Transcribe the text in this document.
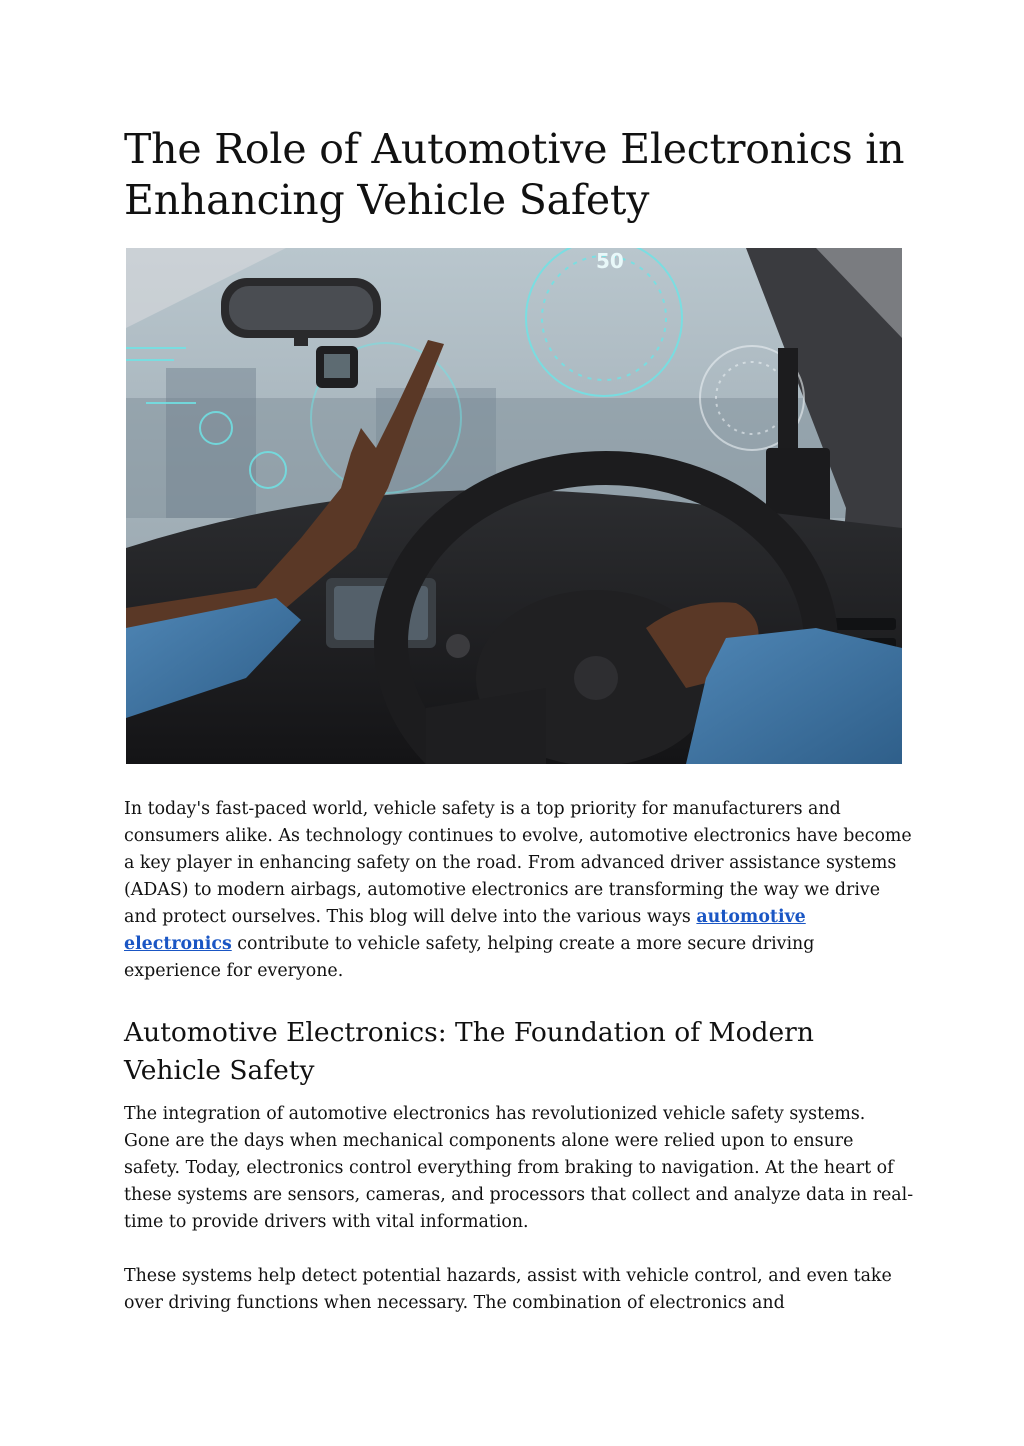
The Role of Automotive Electronics in Enhancing Vehicle Safety
50

In today's fast-paced world, vehicle safety is a top priority for manufacturers and consumers alike. As technology continues to evolve, automotive electronics have become a key player in enhancing safety on the road. From advanced driver assistance systems (ADAS) to modern airbags, automotive electronics are transforming the way we drive and protect ourselves. This blog will delve into the various ways automotive electronics contribute to vehicle safety, helping create a more secure driving experience for everyone.

Automotive Electronics: The Foundation of Modern Vehicle Safety

The integration of automotive electronics has revolutionized vehicle safety systems. Gone are the days when mechanical components alone were relied upon to ensure safety. Today, electronics control everything from braking to navigation. At the heart of these systems are sensors, cameras, and processors that collect and analyze data in real-time to provide drivers with vital information.

These systems help detect potential hazards, assist with vehicle control, and even take over driving functions when necessary. The combination of electronics and
